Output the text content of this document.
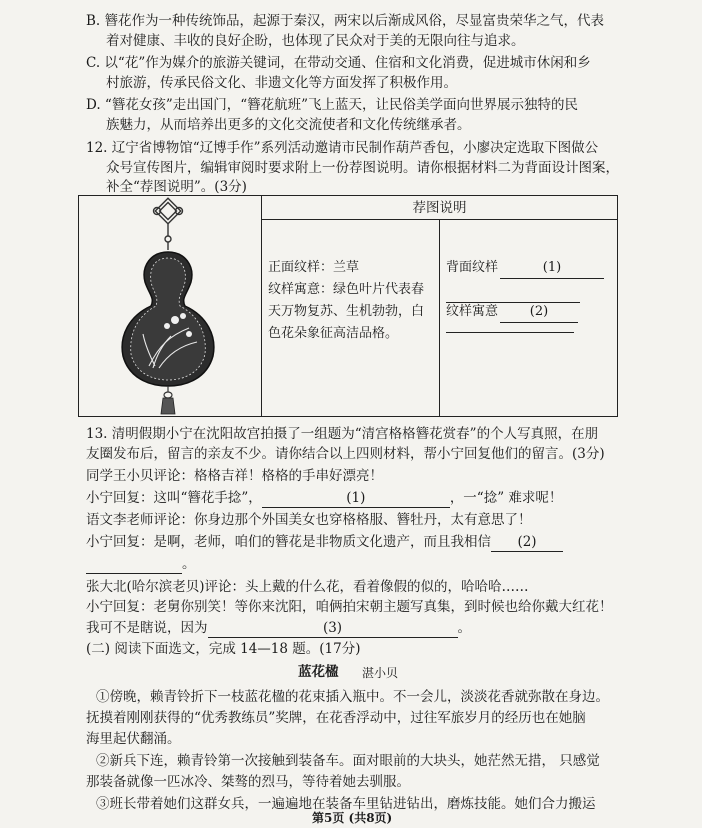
B. 簪花作为一种传统饰品，起源于秦汉，两宋以后渐成风俗，尽显富贵荣华之气，代表
着对健康、丰收的良好企盼，也体现了民众对于美的无限向往与追求。
C. 以“花”作为媒介的旅游关键词，在带动交通、住宿和文化消费，促进城市休闲和乡
村旅游，传承民俗文化、非遗文化等方面发挥了积极作用。
D. “簪花女孩”走出国门，“簪花航班”飞上蓝天，让民俗美学面向世界展示独特的民
族魅力，从而培养出更多的文化交流使者和文化传统继承者。
12. 辽宁省博物馆“辽博手作”系列活动邀请市民制作葫芦香包，小廖决定选取下图做公
众号宣传图片，编辑审阅时要求附上一份荐图说明。请你根据材料二为背面设计图案，
补全“荐图说明”。(3分)
荐图说明
正面纹样：兰草
纹样寓意：绿色叶片代表春
天万物复苏、生机勃勃，白
色花朵象征高洁品格。
背面纹样	(1)
纹样寓意 (2)
13. 清明假期小宁在沈阳故宫拍摄了一组题为“清宫格格簪花赏春”的个人写真照，在朋
友圈发布后，留言的亲友不少。请你结合以上四则材料，帮小宁回复他们的留言。(3分)
同学王小贝评论：格格吉祥！格格的手串好漂亮！
小宁回复：这叫“簪花手捻”，	(1)	，一“捻” 难求呢！
语文李老师评论：你身边那个外国美女也穿格格服、簪牡丹，太有意思了！
小宁回复：是啊，老师，咱们的簪花是非物质文化遗产，而且我相信 (2)
。
张大北(哈尔滨老贝)评论：头上戴的什么花，看着像假的似的，哈哈哈……
小宁回复：老舅你别笑！等你来沈阳，咱俩拍宋朝主题写真集，到时候也给你戴大红花！
我可不是瞎说，因为	(3)	。
(二) 阅读下面选文，完成 14—18 题。(17分)
蓝花楹 湛小贝
①傍晚，赖青铃折下一枝蓝花楹的花束插入瓶中。不一会儿，淡淡花香就弥散在身边。
抚摸着刚刚获得的“优秀教练员”奖牌，在花香浮动中，过往军旅岁月的经历也在她脑
海里起伏翻涌。
②新兵下连，赖青铃第一次接触到装备车。面对眼前的大块头，她茫然无措， 只感觉
那装备就像一匹冰冷、桀骜的烈马，等待着她去驯服。
③班长带着她们这群女兵，一遍遍地在装备车里钻进钻出，磨炼技能。她们合力搬运
第5页 (共8页)
